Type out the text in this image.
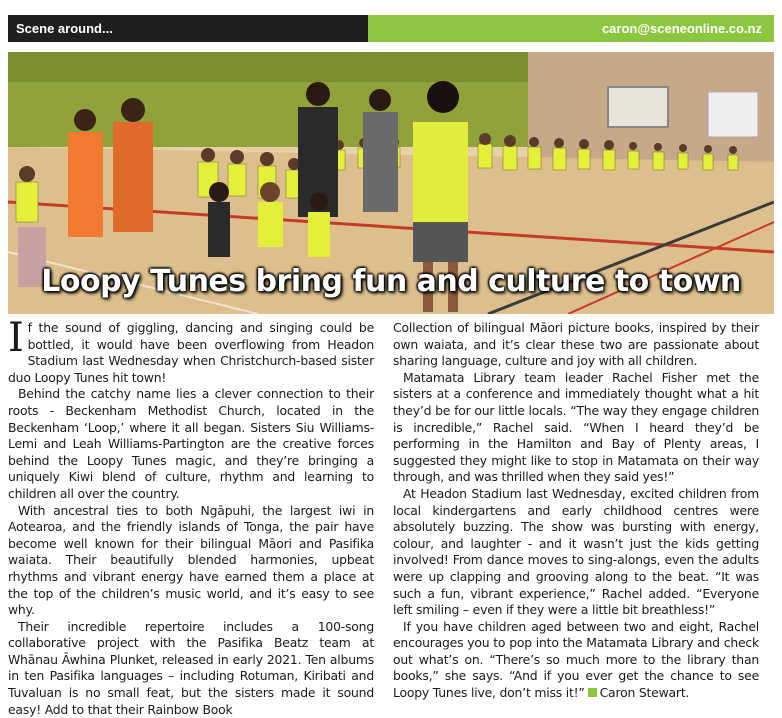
Scene around...	caron@sceneonline.co.nz
Loopy Tunes bring fun and culture to town

If the sound of giggling, dancing and singing could be bottled, it would have been overflowing from Headon Stadium last Wednesday when Christchurch-based sister duo Loopy Tunes hit town!

Behind the catchy name lies a clever connection to their roots - Beckenham Methodist Church, located in the Beckenham ‘Loop,’ where it all began. Sisters Siu Williams-Lemi and Leah Williams-Partington are the creative forces behind the Loopy Tunes magic, and they’re bringing a uniquely Kiwi blend of culture, rhythm and learning to children all over the country.

With ancestral ties to both Ngāpuhi, the largest iwi in Aotearoa, and the friendly islands of Tonga, the pair have become well known for their bilingual Māori and Pasifika waiata. Their beautifully blended harmonies, upbeat rhythms and vibrant energy have earned them a place at the top of the children’s music world, and it’s easy to see why.

Their incredible repertoire includes a 100-song collaborative project with the Pasifika Beatz team at Whānau Āwhina Plunket, released in early 2021. Ten albums in ten Pasifika languages – including Rotuman, Kiribati and Tuvaluan is no small feat, but the sisters made it sound easy! Add to that their Rainbow Book

Collection of bilingual Māori picture books, inspired by their own waiata, and it’s clear these two are passionate about sharing language, culture and joy with all children.

Matamata Library team leader Rachel Fisher met the sisters at a conference and immediately thought what a hit they’d be for our little locals. “The way they engage children is incredible,” Rachel said. “When I heard they’d be performing in the Hamilton and Bay of Plenty areas, I suggested they might like to stop in Matamata on their way through, and was thrilled when they said yes!”

At Headon Stadium last Wednesday, excited children from local kindergartens and early childhood centres were absolutely buzzing. The show was bursting with energy, colour, and laughter - and it wasn’t just the kids getting involved! From dance moves to sing-alongs, even the adults were up clapping and grooving along to the beat. “It was such a fun, vibrant experience,” Rachel added. “Everyone left smiling – even if they were a little bit breathless!”

If you have children aged between two and eight, Rachel encourages you to pop into the Matamata Library and check out what’s on. “There’s so much more to the library than books,” she says. “And if you ever get the chance to see Loopy Tunes live, don’t miss it!” Caron Stewart.
